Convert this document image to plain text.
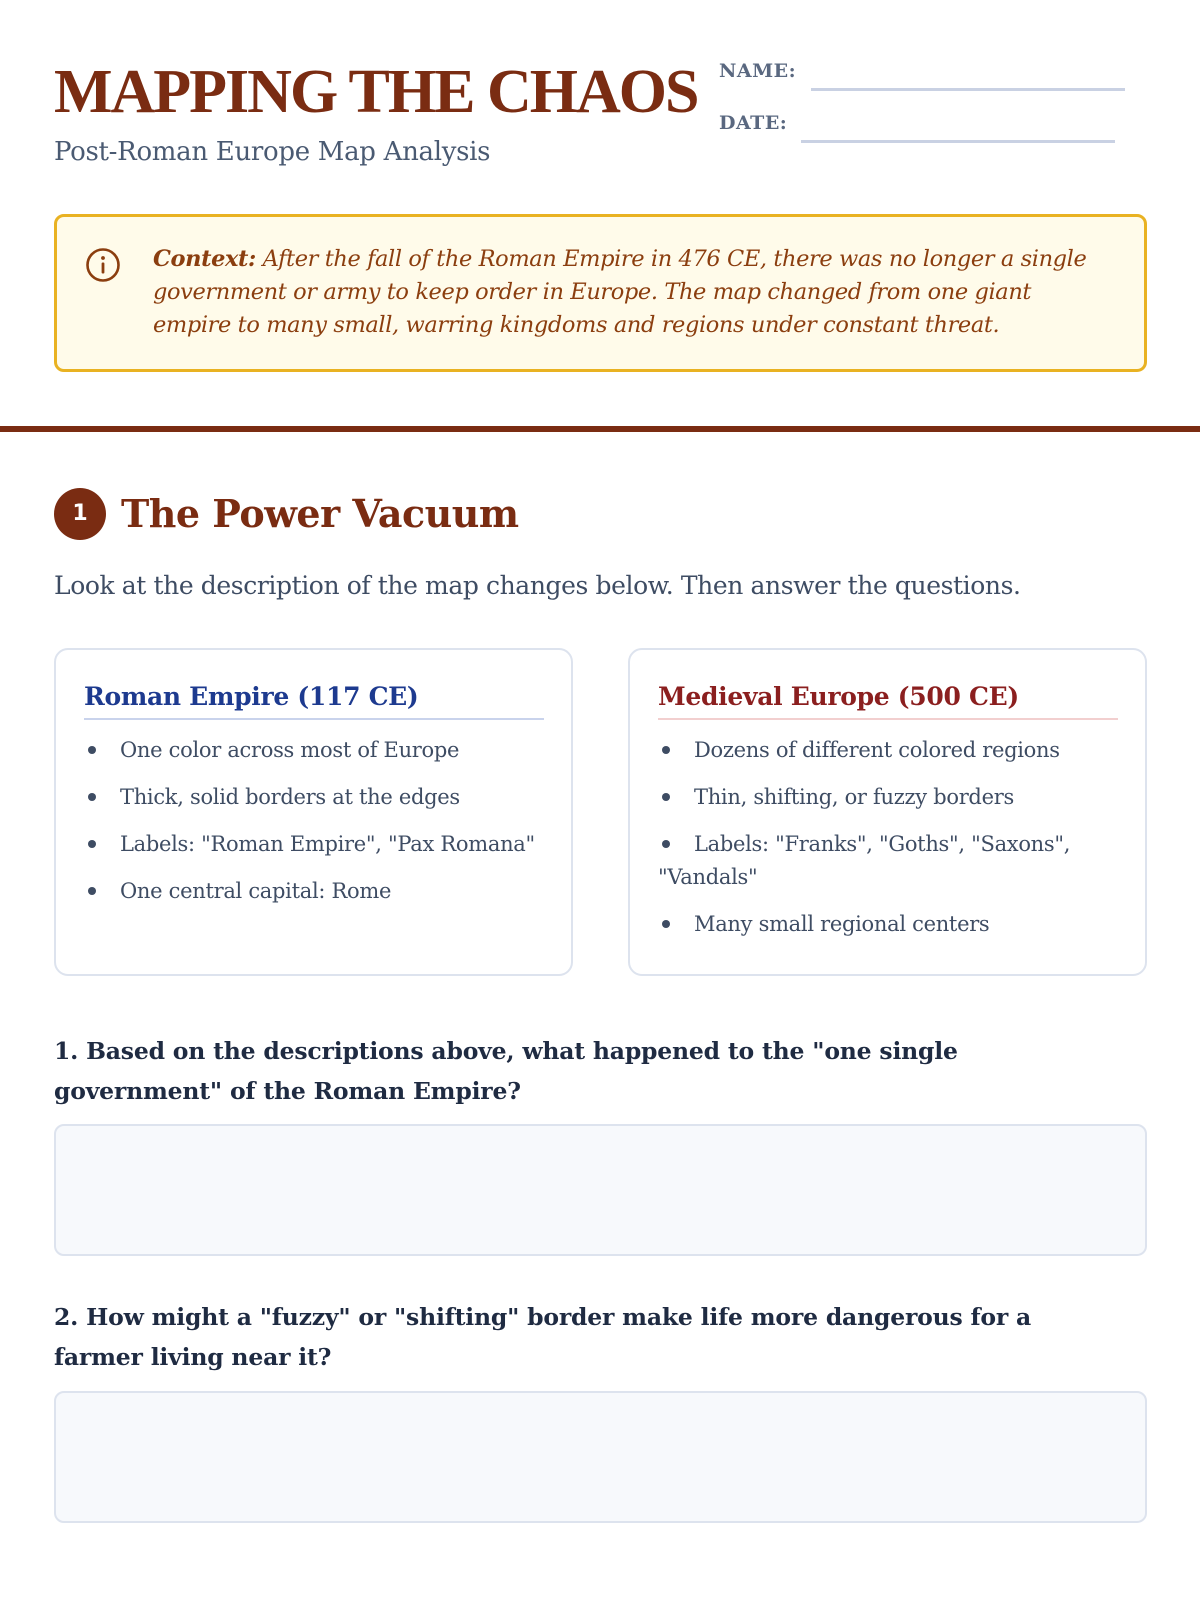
MAPPING THE CHAOS
Post-Roman Europe Map Analysis
NAME:
DATE:

Context: After the fall of the Roman Empire in 476 CE, there was no longer a single government or army to keep order in Europe. The map changed from one giant empire to many small, warring kingdoms and regions under constant threat.

1 The Power Vacuum

Look at the description of the map changes below. Then answer the questions.

Roman Empire (117 CE)
One color across most of Europe
Thick, solid borders at the edges
Labels: "Roman Empire", "Pax Romana"
One central capital: Rome
Medieval Europe (500 CE)
Dozens of different colored regions
Thin, shifting, or fuzzy borders
Labels: "Franks", "Goths", "Saxons", "Vandals"
Many small regional centers

1. Based on the descriptions above, what happened to the "one single government" of the Roman Empire?

2. How might a "fuzzy" or "shifting" border make life more dangerous for a farmer living near it?
